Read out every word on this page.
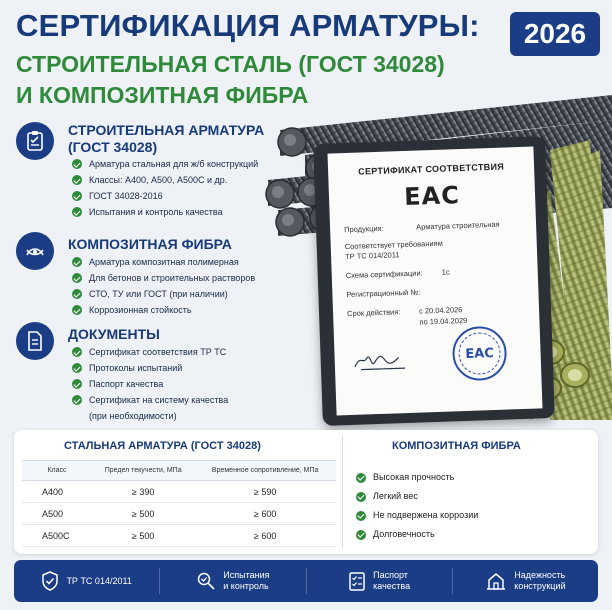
СЕРТИФИКАЦИЯ АРМАТУРЫ:
СТРОИТЕЛЬНАЯ СТАЛЬ (ГОСТ 34028)
И КОМПОЗИТНАЯ ФИБРА
2026
СТРОИТЕЛЬНАЯ АРМАТУРА
(ГОСТ 34028)
Арматура стальная для ж/б конструкций
Классы: А400, А500, А500С и др.
ГОСТ 34028-2016
Испытания и контроль качества
КОМПОЗИТНАЯ ФИБРА
Арматура композитная полимерная
Для бетонов и строительных растворов
СТО, ТУ или ГОСТ (при наличии)
Коррозионная стойкость
ДОКУМЕНТЫ
Сертификат соответствия ТР ТС
Протоколы испытаний
Паспорт качества
Сертификат на систему качества
(при необходимости)
СЕРТИФИКАТ СООТВЕТСТВИЯ
ЕАС
Продукция:	Арматура строительная
Соответствует требованиям
ТР ТС 014/2011
Схема сертификации:	1с
Регистрационный №:
Срок действия:	с 20.04.2026
по 19.04.2029
ЕАС
СТАЛЬНАЯ АРМАТУРА (ГОСТ 34028)	КОМПОЗИТНАЯ ФИБРА
Класс	Предел текучести, МПа	Временное сопротивление, МПа
А400	≥ 390	≥ 590
А500	≥ 500	≥ 600
А500С	≥ 500	≥ 600
Высокая прочность
Легкий вес
Не подвержена коррозии
Долговечность
ТР ТС 014/2011
Испытания
и контроль
Паспорт
качества
Надежность
конструкций
